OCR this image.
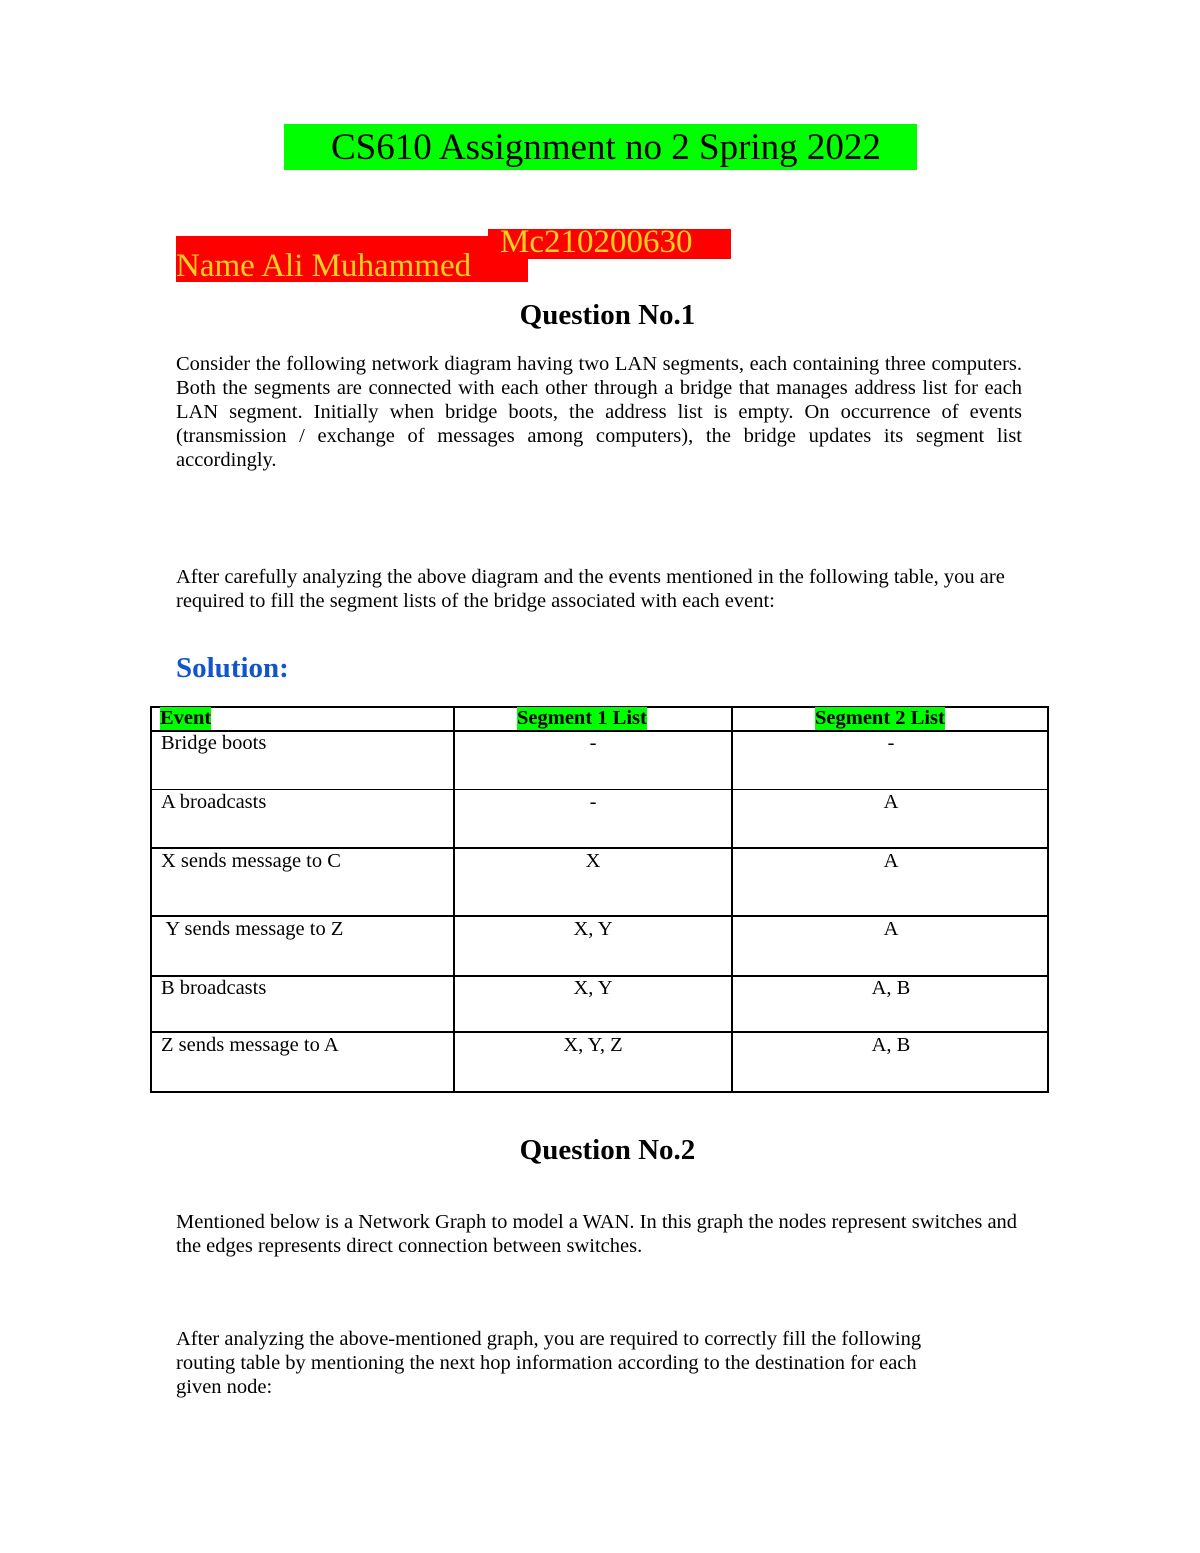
CS610 Assignment no 2 Spring 2022
Mc210200630
Name Ali Muhammed
Question No.1
Consider the following network diagram having two LAN segments, each containing three computers. Both the segments are connected with each other through a bridge that manages address list for each LAN segment. Initially when bridge boots, the address list is empty. On occurrence of events (transmission / exchange of messages among computers), the bridge updates its segment list accordingly.
After carefully analyzing the above diagram and the events mentioned in the following table, you are required to fill the segment lists of the bridge associated with each event:
Solution:
Event	Segment 1 List	Segment 2 List
Bridge boots	-	-
A broadcasts	-	A
X sends message to C	X	A
Y sends message to Z	X, Y	A
B broadcasts	X, Y	A, B
Z sends message to A	X, Y, Z	A, B
Question No.2
Mentioned below is a Network Graph to model a WAN. In this graph the nodes represent switches and the edges represents direct connection between switches.
After analyzing the above-mentioned graph, you are required to correctly fill the following routing table by mentioning the next hop information according to the destination for each given node:
